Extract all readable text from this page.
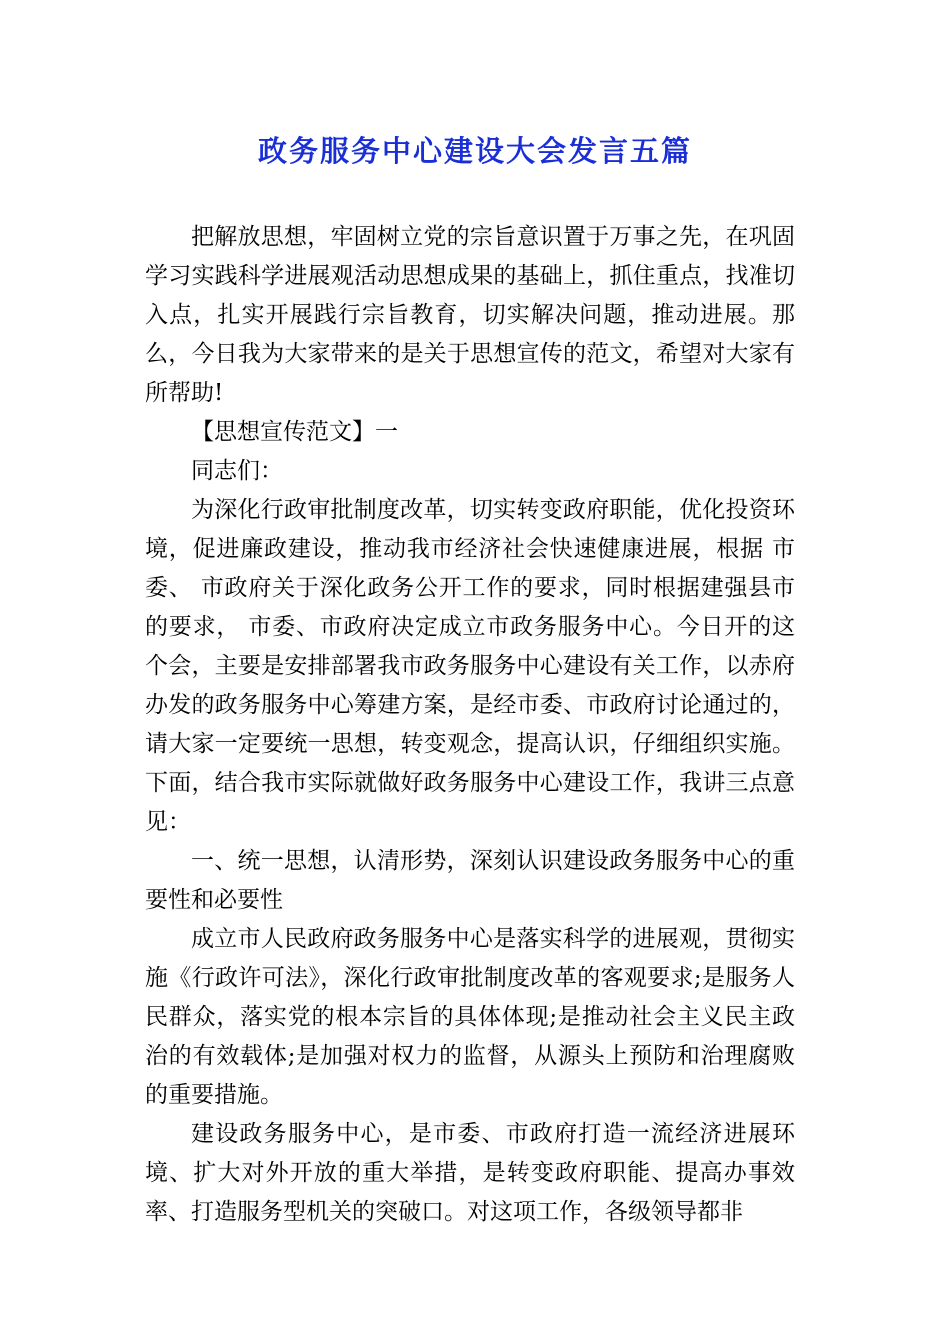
政务服务中心建设大会发言五篇

把解放思想，牢固树立党的宗旨意识置于万事之先，在巩固学习实践科学进展观活动思想成果的基础上，抓住重点，找准切入点，扎实开展践行宗旨教育，切实解决问题，推动进展。那么，今日我为大家带来的是关于思想宣传的范文，希望对大家有所帮助!

【思想宣传范文】一

同志们：

为深化行政审批制度改革，切实转变政府职能，优化投资环境，促进廉政建设，推动我市经济社会快速健康进展，根据 市委、 市政府关于深化政务公开工作的要求，同时根据建强县市的要求， 市委、市政府决定成立市政务服务中心。今日开的这个会，主要是安排部署我市政务服务中心建设有关工作，以赤府办发的政务服务中心筹建方案，是经市委、市政府讨论通过的，请大家一定要统一思想，转变观念，提高认识，仔细组织实施。下面，结合我市实际就做好政务服务中心建设工作，我讲三点意见：

一、统一思想，认清形势，深刻认识建设政务服务中心的重要性和必要性

成立市人民政府政务服务中心是落实科学的进展观，贯彻实施《行政许可法》，深化行政审批制度改革的客观要求;是服务人民群众，落实党的根本宗旨的具体体现;是推动社会主义民主政治的有效载体;是加强对权力的监督，从源头上预防和治理腐败的重要措施。

建设政务服务中心，是市委、市政府打造一流经济进展环境、扩大对外开放的重大举措，是转变政府职能、提高办事效率、打造服务型机关的突破口。对这项工作，各级领导都非
